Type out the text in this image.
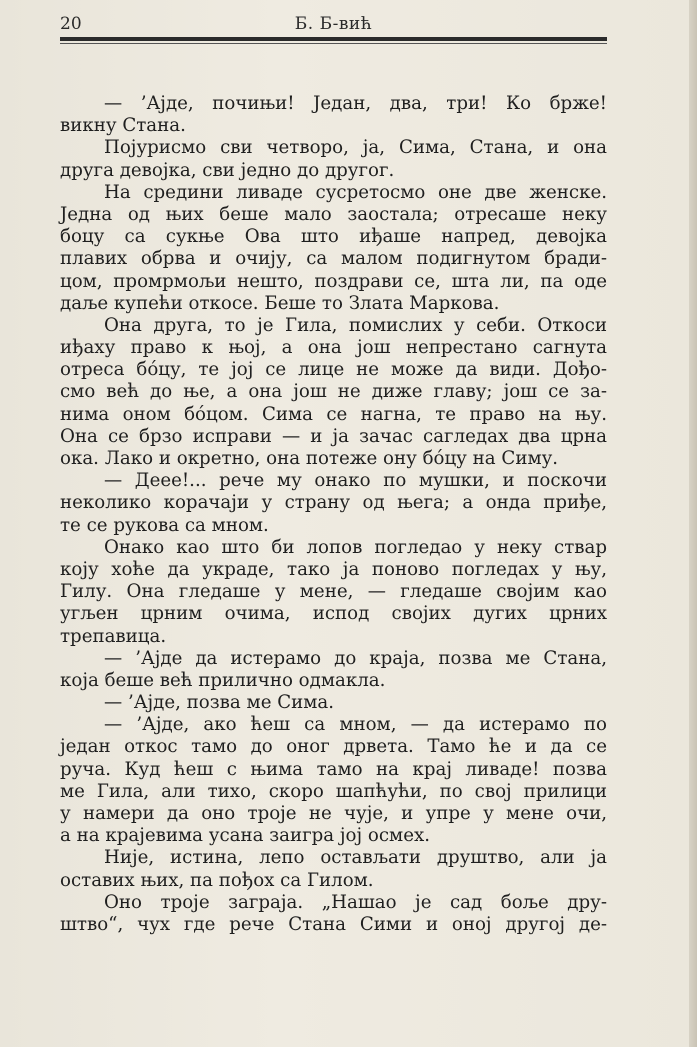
20	Б. Б-вић
— ’Аjде, почињи! Један, два, три! Ко брже!
викну Стана.
Појурисмо сви четворо, ја, Сима, Стана, и она
друга девојка, сви једно до другог.
На средини ливаде сусретосмо оне две женске.
Једна од њих беше мало заостала; отресаше неку
боцу са сукње Ова што иђаше напред, девојка
плавих обрва и очију, са малом подигнутом бради-
цом, промрмољи нешто, поздрави се, шта ли, па оде
даље купећи откосе. Беше то Злата Маркова.
Она друга, то је Гила, помислих у себи. Откоси
иђаху право к њој, а она још непрестано сагнута
отреса бо́цу, те јој се лице не може да види. Дођо-
смо већ до ње, а она још не диже главу; још се за-
нима оном бо́цом. Сима се нагна, те право на њу.
Она се брзо исправи — и ја зачас сагледах два црна
ока. Лако и окретно, она потеже ону бо́цу на Симу.
— Дееe!... рече му онако по мушки, и поскочи
неколико корачаjи у страну од њега; а онда приђе,
те се рукова са мном.
Онако као што би лопов погледао у неку ствар
коју хоће да украде, тако ја поново погледах у њу,
Гилу. Она гледаше у мене, — гледаше својим као
угљен црним очима, испод својих дугих црних
трепавица.
— ’Аjде да истерамо до краја, позва ме Стана,
која беше већ прилично одмакла.
— ’Аjде, позва ме Сима.
— ’Аjде, ако ћеш са мном, — да истерамо по
један откос тамо до оног дрвета. Тамо ће и да се
руча. Куд ћеш с њима тамо на крај ливаде! позва
ме Гила, али тихо, скоро шапћући, по свој прилици
у намери да оно троје не чује, и упре у мене очи,
а на крајевима усана заигра јој осмех.
Није, истина, лепо остављати друштво, али ја
оставих њих, па пођох са Гилом.
Оно троје заграја. „Нашао је сад боље дру-
штво“, чух где рече Стана Сими и оној другој де-
